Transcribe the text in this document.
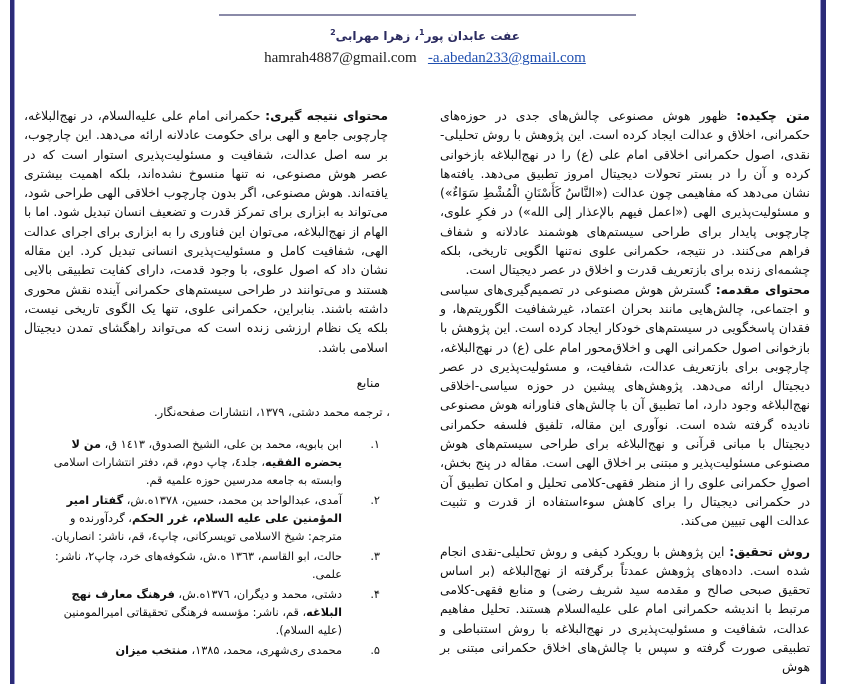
عفت عابدان پور$^1$، زهرا مهرابی$^2$
hamrah4887@gmail.com -a.abedan233@gmail.com

متن چکیده: ظهور هوش مصنوعی چالش‌های جدی در حوزه‌های حکمرانی، اخلاق و عدالت ایجاد کرده است. این پژوهش با روش تحلیلی-نقدی، اصول حکمرانی اخلاقی امام علی (ع) را در نهج‌البلاغه بازخوانی کرده و آن را در بستر تحولات دیجیتال امروز تطبیق می‌دهد. یافته‌ها نشان می‌دهد که مفاهیمی چون عدالت («النَّاسُ كَأَسْنَانِ الْمُشْطِ سَوَاءٌ») و مسئولیت‌پذیری الهی («اعمل فیهم بالإعذار إلی الله») در فکرِ علوی، چارچوبی پایدار برای طراحی سیستم‌های هوشمند عادلانه و شفاف فراهم می‌کنند. در نتیجه، حکمرانی علوی نه‌تنها الگویی تاریخی، بلکه چشمه‌ای زنده برای بازتعریف قدرت و اخلاق در عصر دیجیتال است.

محتوای مقدمه: گسترش هوش مصنوعی در تصمیم‌گیری‌های سیاسی و اجتماعی، چالش‌هایی مانند بحران اعتماد، غیرشفافیت الگوریتم‌ها، و فقدان پاسخگویی در سیستم‌های خودکار ایجاد کرده است. این پژوهش با بازخوانی اصول حکمرانی الهی و اخلاق‌محور امام علی (ع) در نهج‌البلاغه، چارچوبی برای بازتعریف عدالت، شفافیت، و مسئولیت‌پذیری در عصر دیجیتال ارائه می‌دهد. پژوهش‌های پیشین در حوزه سیاسی-اخلاقی نهج‌البلاغه وجود دارد، اما تطبیق آن با چالش‌های فناورانه هوش مصنوعی نادیده گرفته شده است. نوآوری این مقاله، تلفیق فلسفه حکمرانی دیجیتال با مبانی قرآنی و نهج‌البلاغه برای طراحی سیستم‌های هوش مصنوعی مسئولیت‌پذیر و مبتنی بر اخلاق الهی است. مقاله در پنج بخش، اصولِ حکمرانی علوی را از منظر فقهی-کلامی تحلیل و امکان تطبیق آن در حکمرانی دیجیتال را برای کاهش سوءاستفاده از قدرت و تثبیت عدالت الهی تبیین می‌کند.

روش تحقیق: این پژوهش با رویکرد کیفی و روش تحلیلی-نقدی انجام شده است. داده‌های پژوهش عمدتاً برگرفته از نهج‌البلاغه (بر اساس تحقیق صبحی صالح و مقدمه سید شریف رضی) و منابع فقهی-کلامی مرتبط با اندیشه حکمرانی امام علی علیه‌السلام هستند. تحلیل مفاهیم عدالت، شفافیت و مسئولیت‌پذیری در نهج‌البلاغه با روش استنباطی و تطبیقی صورت گرفته و سپس با چالش‌های اخلاق حکمرانی مبتنی بر هوش

محتوای نتیجه گیری: حکمرانی امام علی علیه‌السلام، در نهج‌البلاغه، چارچوبی جامع و الهی برای حکومت عادلانه ارائه می‌دهد. این چارچوب، بر سه اصل عدالت، شفافیت و مسئولیت‌پذیری استوار است که در عصر هوش مصنوعی، نه تنها منسوخ نشده‌اند، بلکه اهمیت بیشتری یافته‌اند. هوش مصنوعی، اگر بدون چارچوب اخلاقی الهی طراحی شود، می‌تواند به ابزاری برای تمرکز قدرت و تضعیف انسان تبدیل شود. اما با الهام از نهج‌البلاغه، می‌توان این فناوری را به ابزاری برای اجرای عدالت الهی، شفافیت کامل و مسئولیت‌پذیری انسانی تبدیل کرد. این مقاله نشان داد که اصول علوی، با وجود قدمت، دارای کفایت تطبیقی بالایی هستند و می‌توانند در طراحی سیستم‌های حکمرانی آینده نقش محوری داشته باشند. بنابراین، حکمرانی علوی، تنها یک الگوی تاریخی نیست، بلکه یک نظام ارزشی زنده است که می‌تواند راهگشای تمدن دیجیتال اسلامی باشد.

منابع
، ترجمه محمد دشتی، ۱۳۷۹، انتشارات صفحه‌نگار.
۱.
ابن بابویه، محمد بن علی، الشیخ الصدوق، ۱٤۱۳ ق، من لا یحضره الفقیه، جلد٤، چاپ دوم، قم، دفتر انتشارات اسلامی وابسته به جامعه مدرسین حوزه علمیه قم.
۲.
آمدی، عبدالواحد بن محمد، حسین، ۱۳۷۸ه.ش، گفتار امیر المؤمنین علی علیه السلام، غرر الحکم، گردآورنده و مترجم: شیخ الاسلامی تویسرکانی، چاپ٤، قم، ناشر: انصاریان.
۳.
حالت، ابو القاسم، ۱۳٦۳ ه.ش، شکوفه‌های خرد، چاپ۲، ناشر: علمی.
۴.
دشتی، محمد و دیگران، ۱۳۷٦ه.ش، فرهنگ معارف نهج البلاغه، قم، ناشر: مؤسسه فرهنگی تحقیقاتی امیرالمومنین (علیه السلام).
۵.
محمدی ری‌شهری، محمد، ۱۳۸۵، منتخب میزان
